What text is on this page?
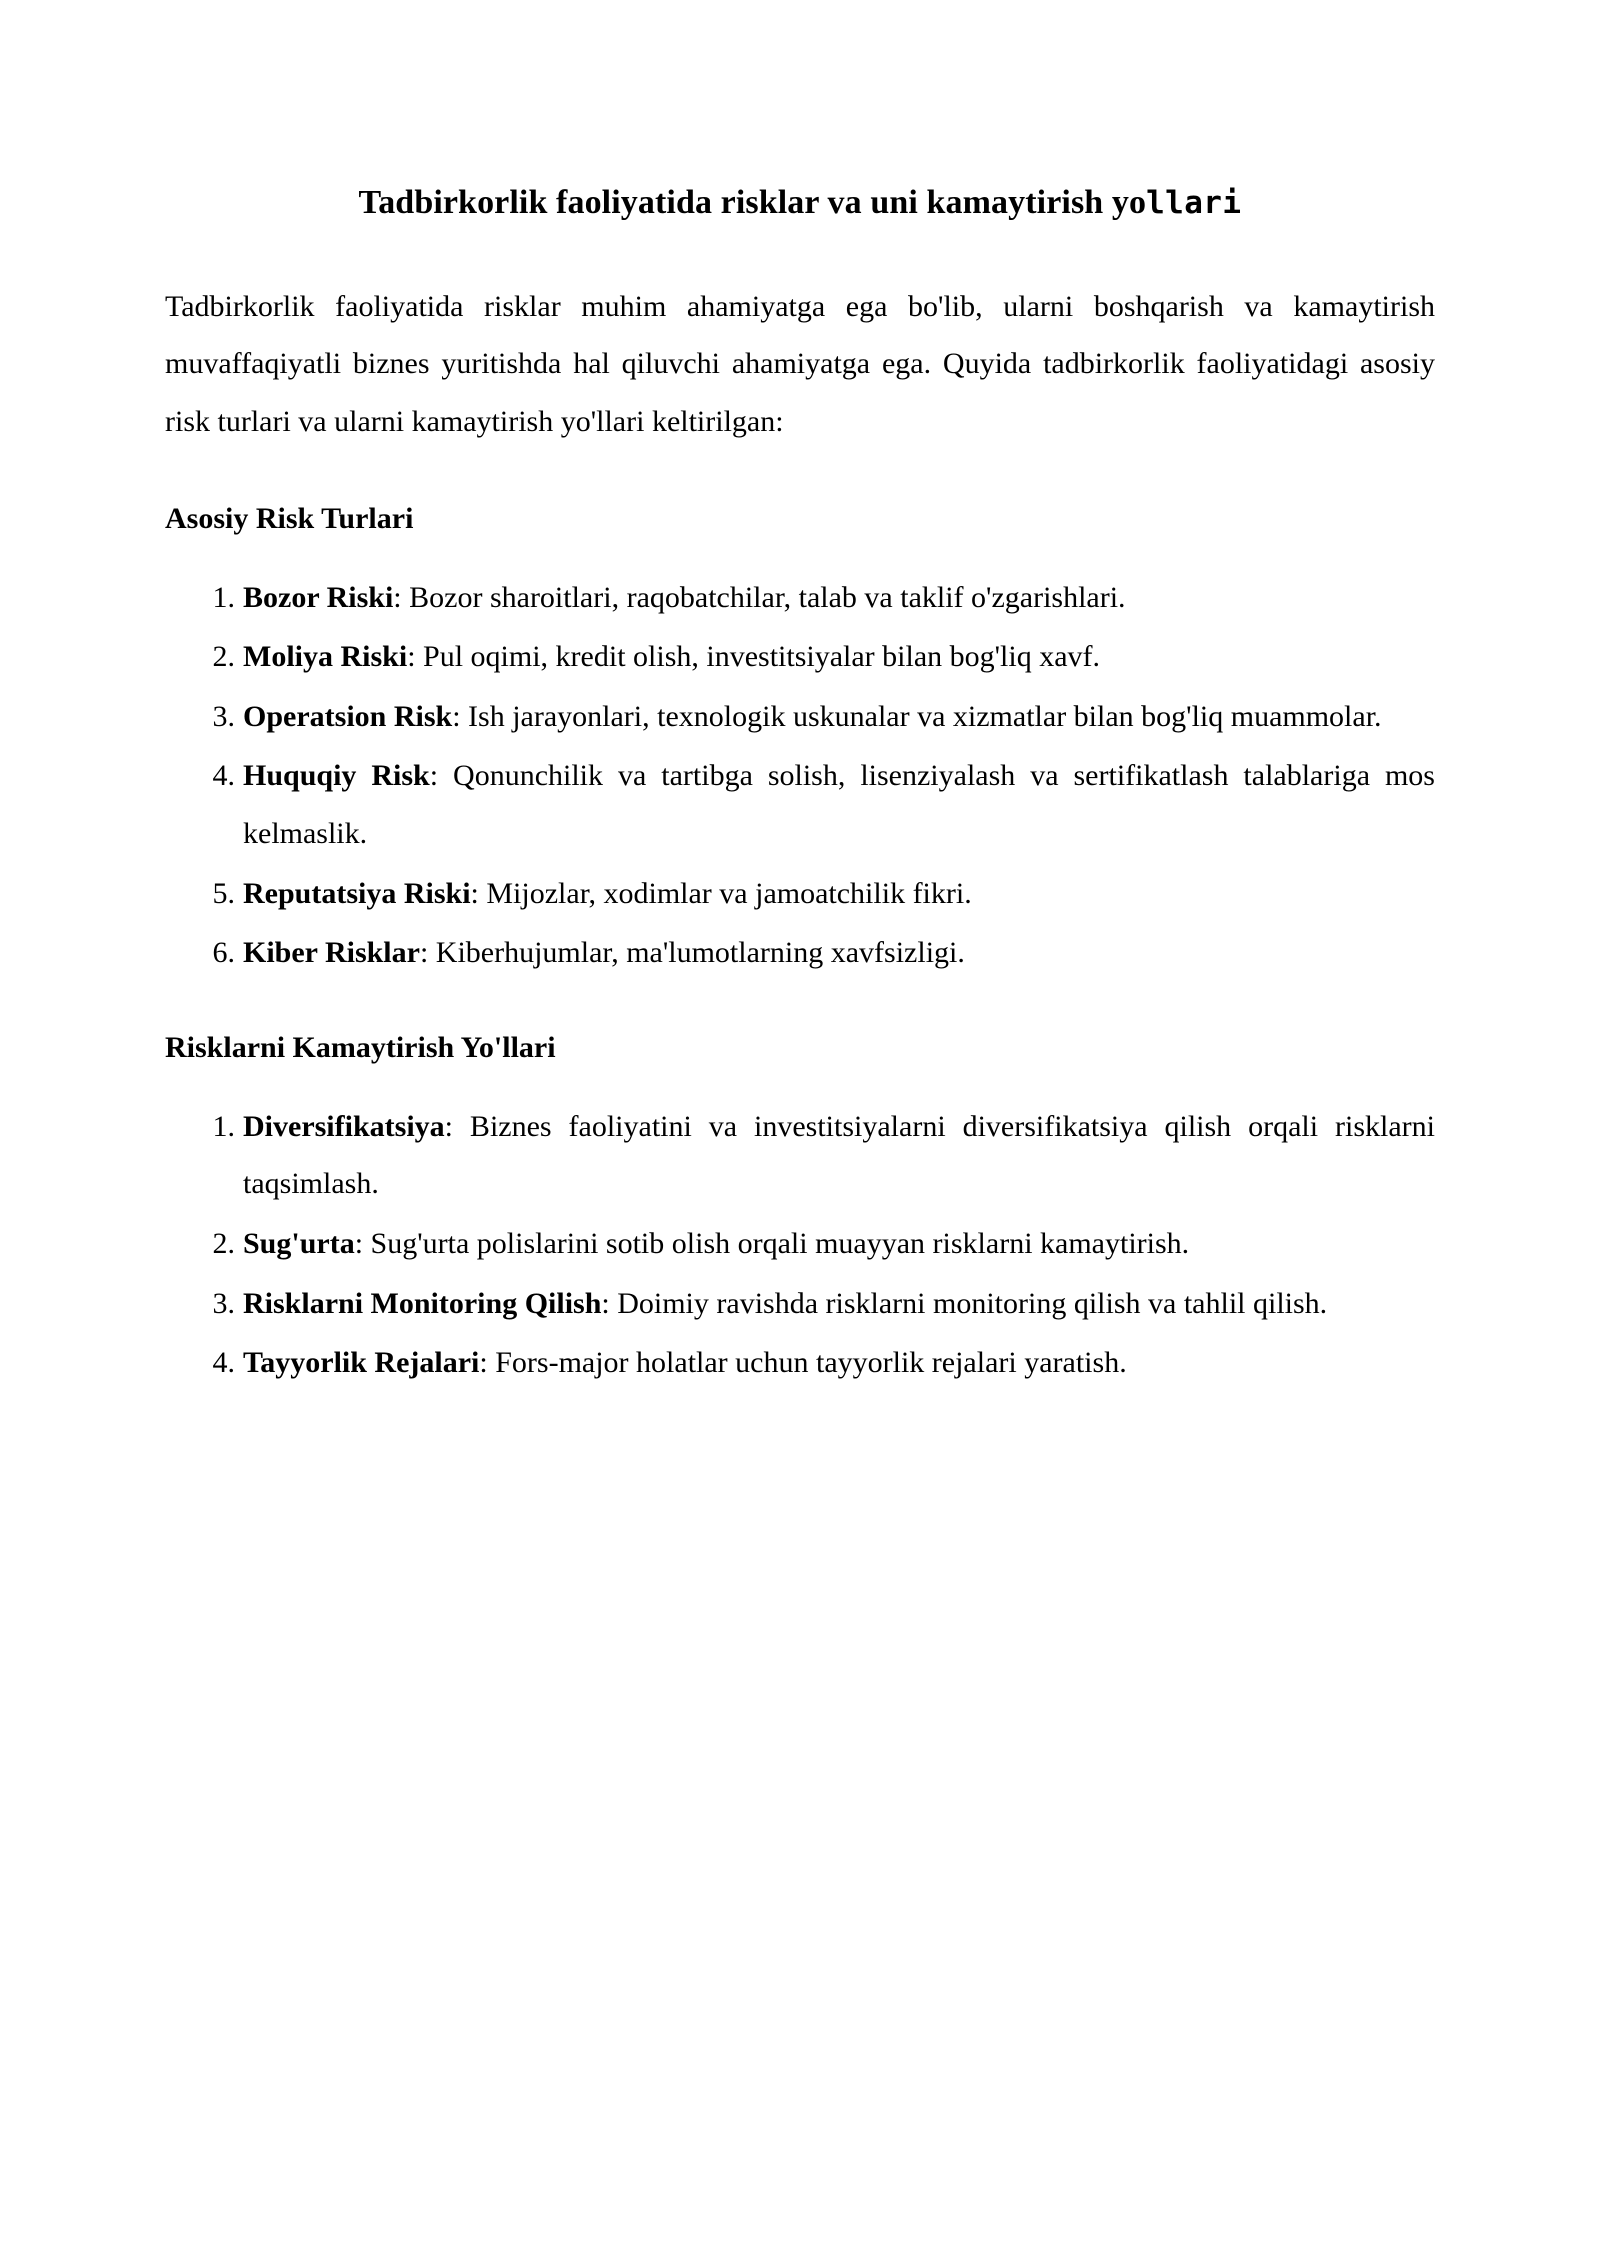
Tadbirkorlik faoliyatida risklar va uni kamaytirish yollari

Tadbirkorlik faoliyatida risklar muhim ahamiyatga ega bo'lib, ularni boshqarish va kamaytirish muvaffaqiyatli biznes yuritishda hal qiluvchi ahamiyatga ega. Quyida tadbirkorlik faoliyatidagi asosiy risk turlari va ularni kamaytirish yo'llari keltirilgan:

Asosiy Risk Turlari
1. Bozor Riski: Bozor sharoitlari, raqobatchilar, talab va taklif o'zgarishlari.
2. Moliya Riski: Pul oqimi, kredit olish, investitsiyalar bilan bog'liq xavf.
3. Operatsion Risk: Ish jarayonlari, texnologik uskunalar va xizmatlar bilan bog'liq muammolar.
4. Huquqiy Risk: Qonunchilik va tartibga solish, lisenziyalash va sertifikatlash talablariga mos kelmaslik.
5. Reputatsiya Riski: Mijozlar, xodimlar va jamoatchilik fikri.
6. Kiber Risklar: Kiberhujumlar, ma'lumotlarning xavfsizligi.
Risklarni Kamaytirish Yo'llari
1. Diversifikatsiya: Biznes faoliyatini va investitsiyalarni diversifikatsiya qilish orqali risklarni taqsimlash.
2. Sug'urta: Sug'urta polislarini sotib olish orqali muayyan risklarni kamaytirish.
3. Risklarni Monitoring Qilish: Doimiy ravishda risklarni monitoring qilish va tahlil qilish.
4. Tayyorlik Rejalari: Fors-major holatlar uchun tayyorlik rejalari yaratish.
